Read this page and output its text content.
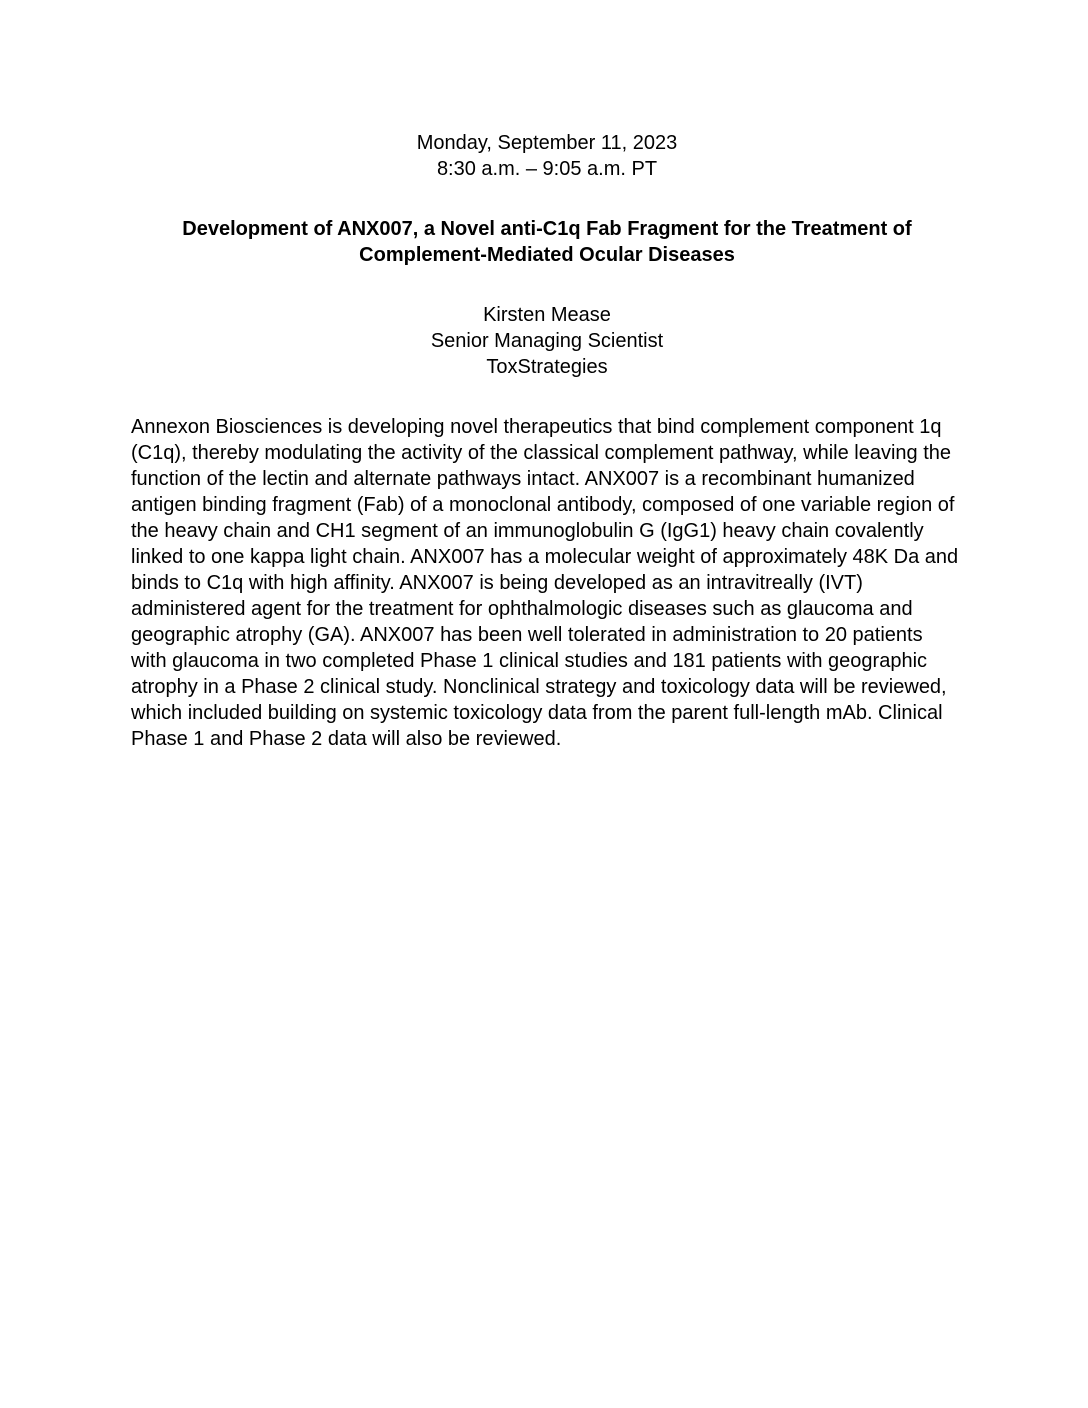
Monday, September 11, 2023
8:30 a.m. – 9:05 a.m. PT
Development of ANX007, a Novel anti-C1q Fab Fragment for the Treatment of Complement-Mediated Ocular Diseases
Kirsten Mease
Senior Managing Scientist
ToxStrategies
Annexon Biosciences is developing novel therapeutics that bind complement component 1q (C1q), thereby modulating the activity of the classical complement pathway, while leaving the function of the lectin and alternate pathways intact. ANX007 is a recombinant humanized antigen binding fragment (Fab) of a monoclonal antibody, composed of one variable region of the heavy chain and CH1 segment of an immunoglobulin G (IgG1) heavy chain covalently linked to one kappa light chain. ANX007 has a molecular weight of approximately 48K Da and binds to C1q with high affinity. ANX007 is being developed as an intravitreally (IVT) administered agent for the treatment for ophthalmologic diseases such as glaucoma and geographic atrophy (GA). ANX007 has been well tolerated in administration to 20 patients with glaucoma in two completed Phase 1 clinical studies and 181 patients with geographic atrophy in a Phase 2 clinical study. Nonclinical strategy and toxicology data will be reviewed, which included building on systemic toxicology data from the parent full-length mAb. Clinical Phase 1 and Phase 2 data will also be reviewed.
